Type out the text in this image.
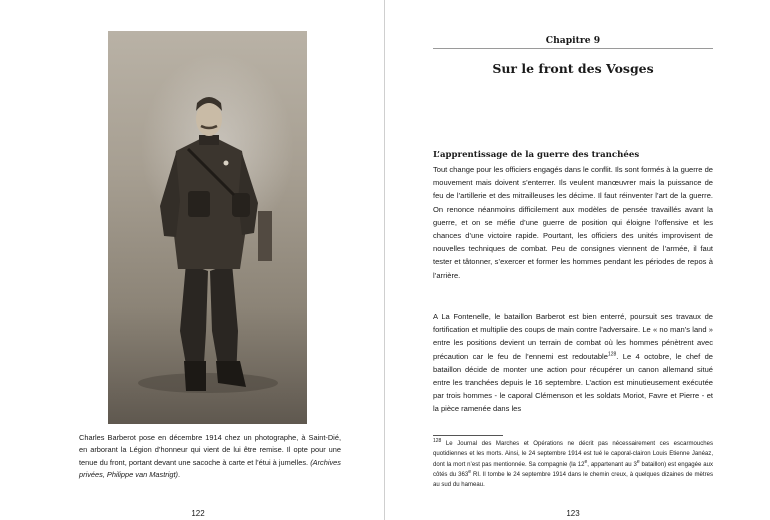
Charles Barberot pose en décembre 1914 chez un photographe, à Saint-Dié, en arborant la Légion d’honneur qui vient de lui être remise. Il opte pour une tenue du front, portant devant une sacoche à carte et l’étui à jumelles. (Archives privées, Philippe van Mastrigt).
122
Chapitre 9
Sur le front des Vosges
L’apprentissage de la guerre des tranchées
Tout change pour les officiers engagés dans le conflit. Ils sont formés à la guerre de mouvement mais doivent s’enterrer. Ils veulent manœuvrer mais la puissance de feu de l’artillerie et des mitrailleuses les décime. Il faut réinventer l’art de la guerre. On renonce néanmoins difficilement aux modèles de pensée travaillés avant la guerre, et on se méfie d’une guerre de position qui éloigne l’offensive et les chances d’une victoire rapide. Pourtant, les officiers des unités improvisent de nouvelles techniques de combat. Peu de consignes viennent de l’armée, il faut tester et tâtonner, s’exercer et former les hommes pendant les périodes de repos à l’arrière.
A La Fontenelle, le bataillon Barberot est bien enterré, poursuit ses travaux de fortification et multiplie des coups de main contre l’adversaire. Le « no man’s land » entre les positions devient un terrain de combat où les hommes pénètrent avec précaution car le feu de l’ennemi est redoutable$^{128}$. Le 4 octobre, le chef de bataillon décide de monter une action pour récupérer un canon allemand situé entre les tranchées depuis le 16 septembre. L’action est minutieusement exécutée par trois hommes - le caporal Clémenson et les soldats Moriot, Favre et Pierre - et la pièce ramenée dans les
$^{128}$ Le Journal des Marches et Opérations ne décrit pas nécessairement ces escarmouches quotidiennes et les morts. Ainsi, le 24 septembre 1914 est tué le caporal-clairon Louis Etienne Janéaz, dont la mort n’est pas mentionnée. Sa compagnie (la 12e, appartenant au 3e bataillon) est engagée aux côtés du 363e RI. Il tombe le 24 septembre 1914 dans le chemin creux, à quelques dizaines de mètres au sud du hameau.
123
